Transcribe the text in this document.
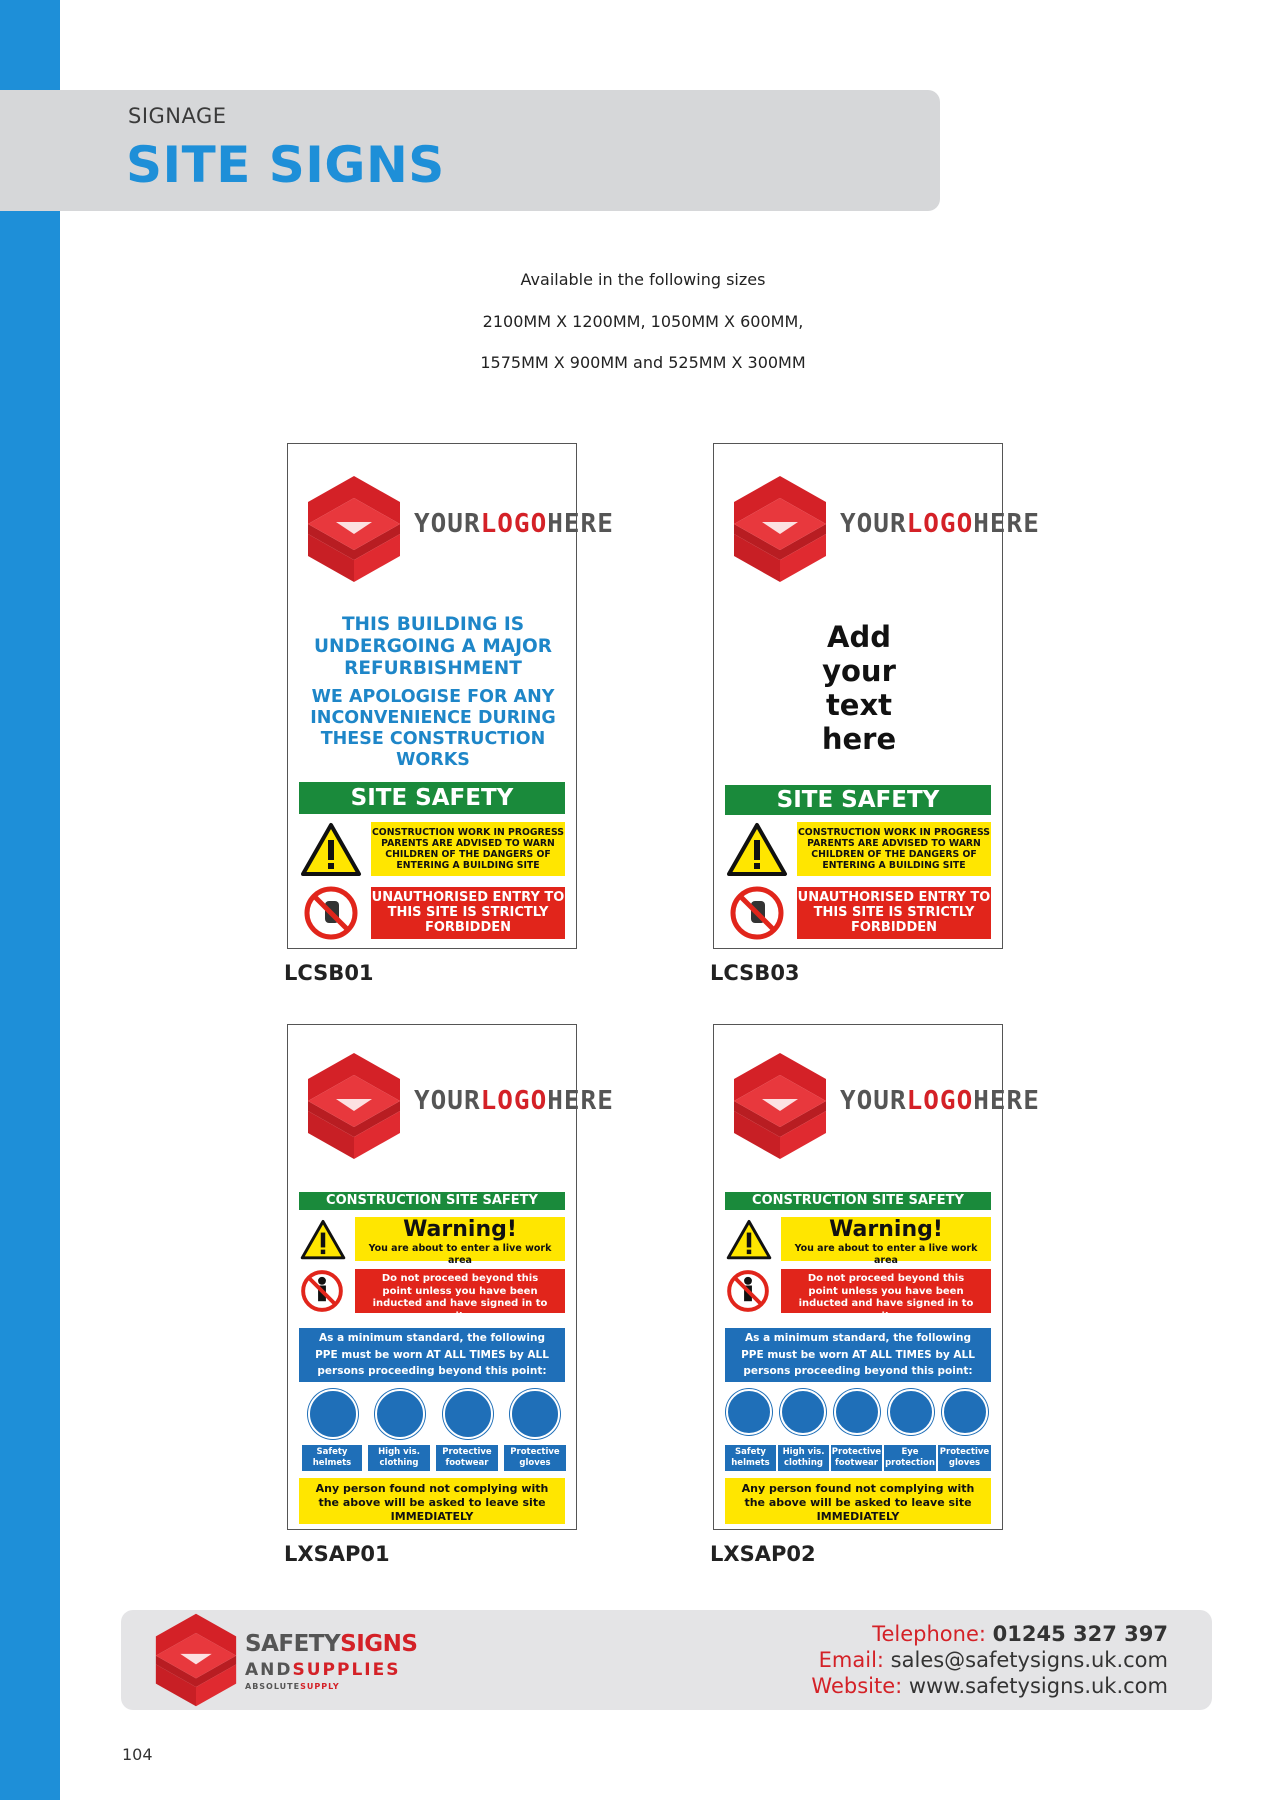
SIGNAGE
SITE SIGNS
Available in the following sizes
2100MM X 1200MM, 1050MM X 600MM,
1575MM X 900MM and 525MM X 300MM
YOURLOGOHERE
THIS BUILDING IS UNDERGOING A MAJOR REFURBISHMENT
WE APOLOGISE FOR ANY INCONVENIENCE DURING THESE CONSTRUCTION WORKS
SITE SAFETY
CONSTRUCTION WORK IN PROGRESS PARENTS ARE ADVISED TO WARN CHILDREN OF THE DANGERS OF ENTERING A BUILDING SITE
UNAUTHORISED ENTRY TO THIS SITE IS STRICTLY FORBIDDEN
LCSB01
YOURLOGOHERE
Add your text here
SITE SAFETY
CONSTRUCTION WORK IN PROGRESS PARENTS ARE ADVISED TO WARN CHILDREN OF THE DANGERS OF ENTERING A BUILDING SITE
UNAUTHORISED ENTRY TO THIS SITE IS STRICTLY FORBIDDEN
LCSB03
YOURLOGOHERE
CONSTRUCTION SITE SAFETY
Warning!
You are about to enter a live work area
Do not proceed beyond this point unless you have been inducted and have signed in to site
As a minimum standard, the following PPE must be worn AT ALL TIMES by ALL persons proceeding beyond this point:
Safety helmets
High vis. clothing
Protective footwear
Protective gloves
Any person found not complying with the above will be asked to leave site IMMEDIATELY
LXSAP01
YOURLOGOHERE
CONSTRUCTION SITE SAFETY
Warning!
You are about to enter a live work area
Do not proceed beyond this point unless you have been inducted and have signed in to site
As a minimum standard, the following PPE must be worn AT ALL TIMES by ALL persons proceeding beyond this point:
Safety helmets
High vis. clothing
Protective footwear
Eye protection
Protective gloves
Any person found not complying with the above will be asked to leave site IMMEDIATELY
LXSAP02
SAFETYSIGNS
ANDSUPPLIES
ABSOLUTESUPPLY
Telephone: 01245 327 397
Email: sales@safetysigns.uk.com
Website: www.safetysigns.uk.com
104
